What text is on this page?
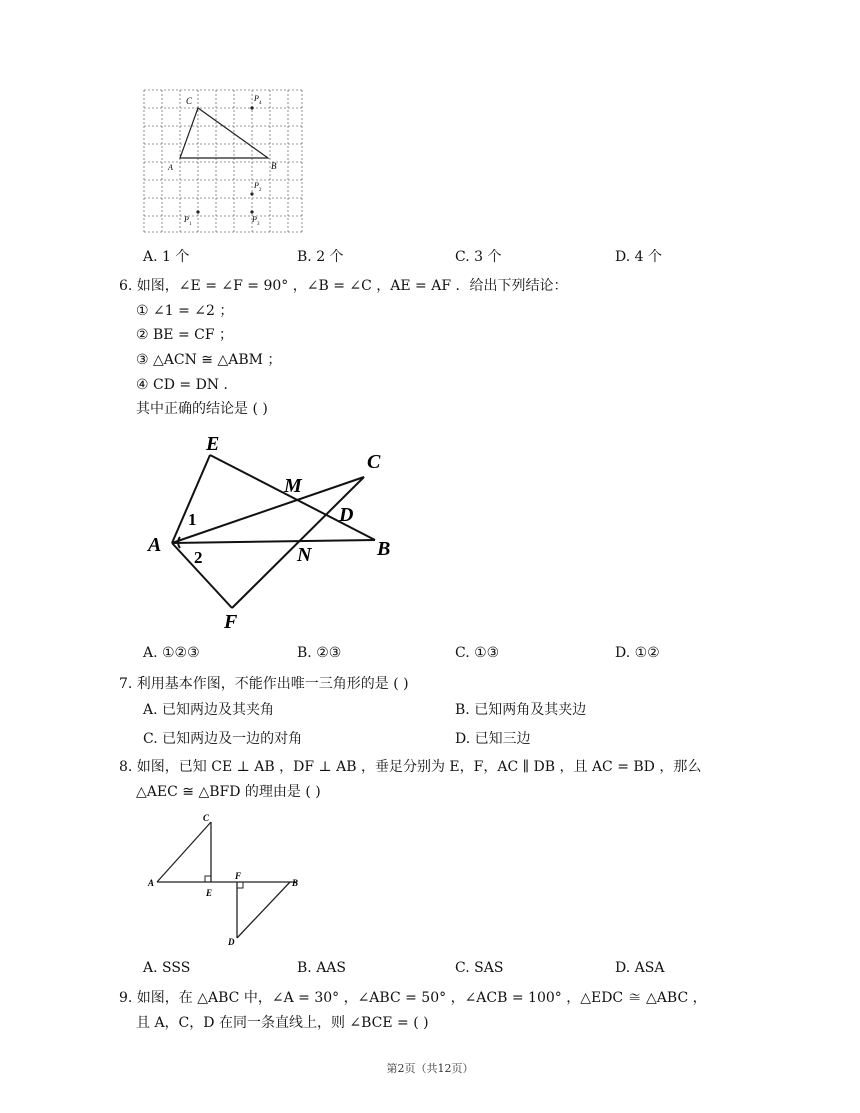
C
A	B
P
4
P
2
P
1
P
3
A. 1 个	B. 2 个	C. 3 个	D. 4 个
6. 如图，∠E = ∠F = 90° ，∠B = ∠C ，AE = AF ．给出下列结论：
① ∠1 = ∠2 ；
② BE = CF ；
③ △ACN ≅ △ABM ；
④ CD = DN ．
其中正确的结论是 ( )
E
C
M
D
A	B
N
F
1
2
A. ①②③	B. ②③	C. ①③	D. ①②
7. 利用基本作图，不能作出唯一三角形的是 ( )
A. 已知两边及其夹角	B. 已知两角及其夹边
C. 已知两边及一边的对角	D. 已知三边
8. 如图，已知 CE ⊥ AB ，DF ⊥ AB ，垂足分别为 E，F，AC ∥ DB ，且 AC = BD ，那么
△AEC ≅ △BFD 的理由是 ( )
C
A
E
F
B
D
A. SSS	B. AAS	C. SAS	D. ASA
9. 如图，在 △ABC 中，∠A = 30° ，∠ABC = 50° ，∠ACB = 100° ，△EDC ≅ △ABC ，
且 A，C，D 在同一条直线上，则 ∠BCE = ( )
第2页（共12页）
